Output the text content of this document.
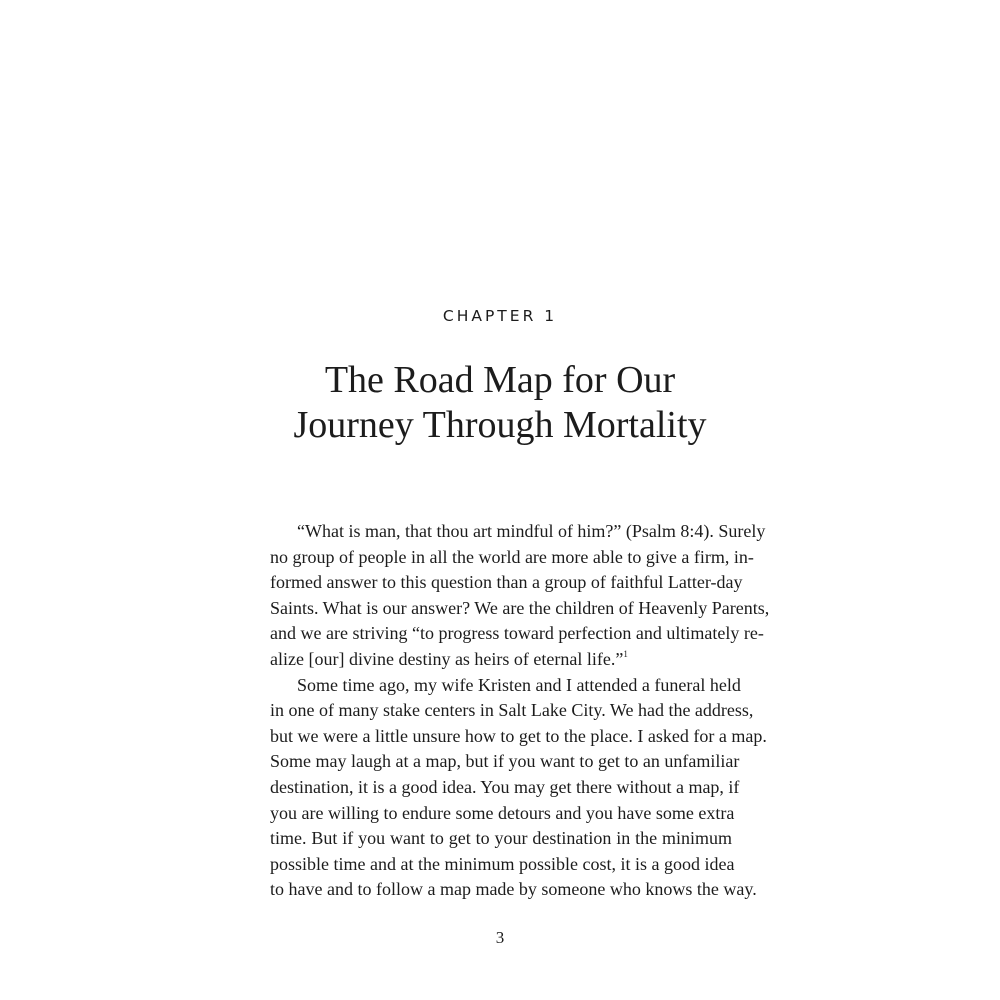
CHAPTER 1
The Road Map for Our
Journey Through Mortality
“What is man, that thou art mindful of him?” (Psalm 8:4). Surely
no group of people in all the world are more able to give a firm, in-
formed answer to this question than a group of faithful Latter-day
Saints. What is our answer? We are the children of Heavenly Parents,
and we are striving “to progress toward perfection and ultimately re-
alize [our] divine destiny as heirs of eternal life.”$^1$
Some time ago, my wife Kristen and I attended a funeral held
in one of many stake centers in Salt Lake City. We had the address,
but we were a little unsure how to get to the place. I asked for a map.
Some may laugh at a map, but if you want to get to an unfamiliar
destination, it is a good idea. You may get there without a map, if
you are willing to endure some detours and you have some extra
time. But if you want to get to your destination in the minimum
possible time and at the minimum possible cost, it is a good idea
to have and to follow a map made by someone who knows the way.
3
